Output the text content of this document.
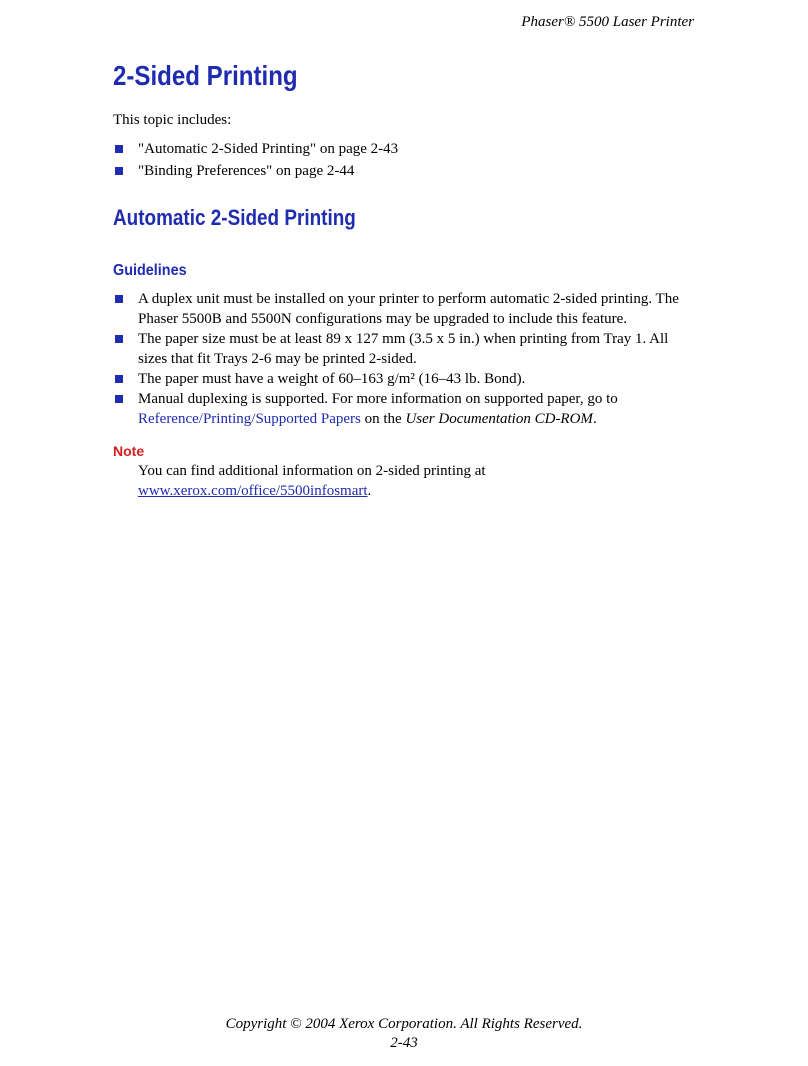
Phaser® 5500 Laser Printer
2-Sided Printing
This topic includes:
"Automatic 2-Sided Printing" on page 2-43
"Binding Preferences" on page 2-44
Automatic 2-Sided Printing
Guidelines
A duplex unit must be installed on your printer to perform automatic 2-sided printing. The Phaser 5500B and 5500N configurations may be upgraded to include this feature.
The paper size must be at least 89 x 127 mm (3.5 x 5 in.) when printing from Tray 1. All sizes that fit Trays 2-6 may be printed 2-sided.
The paper must have a weight of 60–163 g/m² (16–43 lb. Bond).
Manual duplexing is supported. For more information on supported paper, go to Reference/Printing/Supported Papers on the User Documentation CD-ROM.
Note
You can find additional information on 2-sided printing at www.xerox.com/office/5500infosmart.
Copyright © 2004 Xerox Corporation. All Rights Reserved.
2-43
